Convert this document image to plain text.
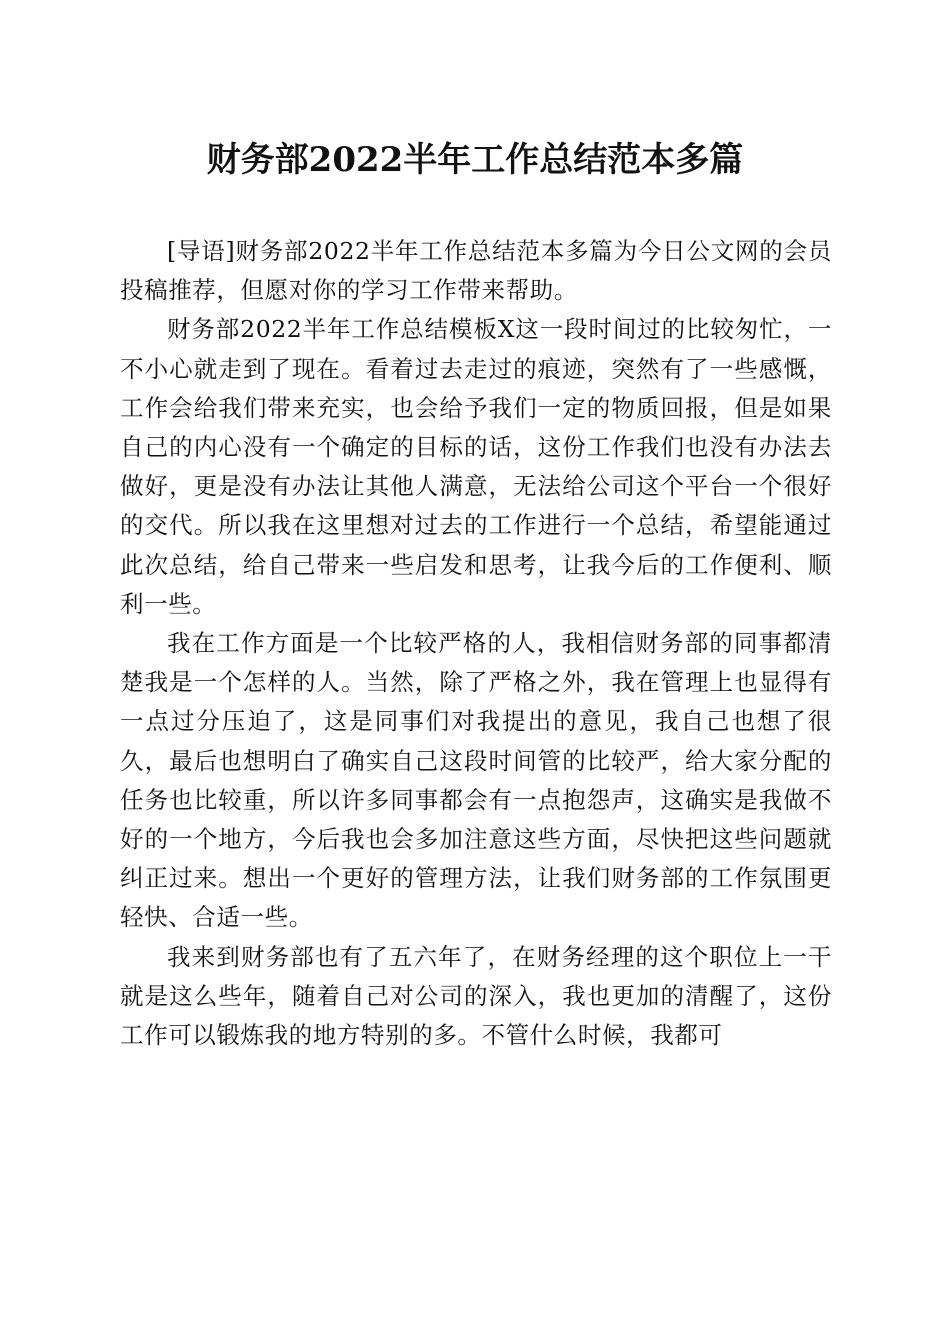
财务部2022半年工作总结范本多篇

[导语]财务部2022半年工作总结范本多篇为今日公文网的会员投稿推荐，但愿对你的学习工作带来帮助。

财务部2022半年工作总结模板X这一段时间过的比较匆忙，一不小心就走到了现在。看着过去走过的痕迹，突然有了一些感慨，工作会给我们带来充实，也会给予我们一定的物质回报，但是如果自己的内心没有一个确定的目标的话，这份工作我们也没有办法去做好，更是没有办法让其他人满意，无法给公司这个平台一个很好的交代。所以我在这里想对过去的工作进行一个总结，希望能通过此次总结，给自己带来一些启发和思考，让我今后的工作便利、顺利一些。

我在工作方面是一个比较严格的人，我相信财务部的同事都清楚我是一个怎样的人。当然，除了严格之外，我在管理上也显得有一点过分压迫了，这是同事们对我提出的意见，我自己也想了很久，最后也想明白了确实自己这段时间管的比较严，给大家分配的任务也比较重，所以许多同事都会有一点抱怨声，这确实是我做不好的一个地方，今后我也会多加注意这些方面，尽快把这些问题就纠正过来。想出一个更好的管理方法，让我们财务部的工作氛围更轻快、合适一些。

我来到财务部也有了五六年了，在财务经理的这个职位上一干就是这么些年，随着自己对公司的深入，我也更加的清醒了，这份工作可以锻炼我的地方特别的多。不管什么时候，我都可
